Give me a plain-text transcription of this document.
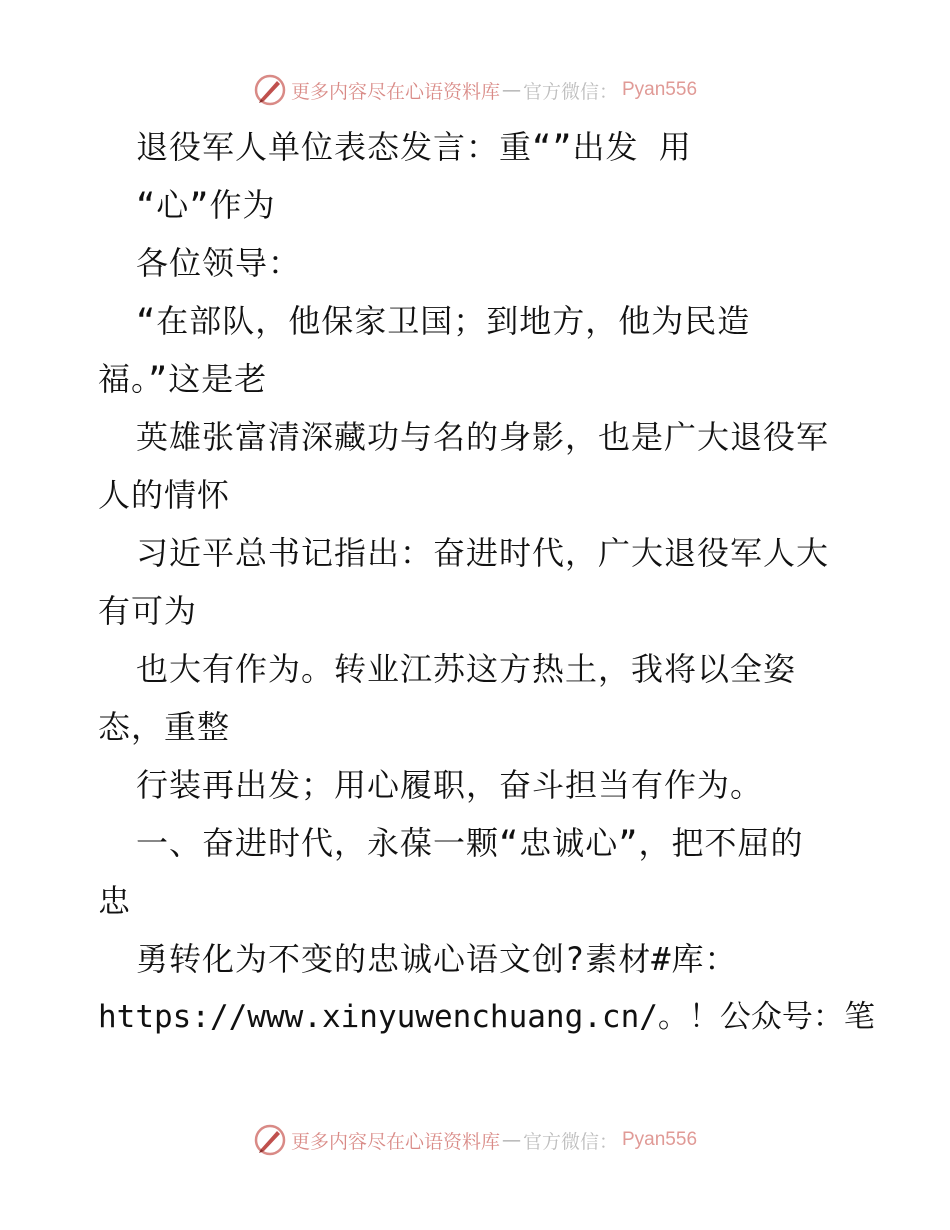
更多内容尽在心语资料库 — 官方微信： Pyan556
退役军人单位表态发言：重“”出发 用
“心”作为
各位领导：
“在部队，他保家卫国；到地方，他为民造
福。”这是老
英雄张富清深藏功与名的身影，也是广大退役军
人的情怀
习近平总书记指出：奋进时代，广大退役军人大
有可为
也大有作为。转业江苏这方热土，我将以全姿
态，重整
行装再出发；用心履职，奋斗担当有作为。
一、奋进时代，永葆一颗“忠诚心”，把不屈的
忠
勇转化为不变的忠诚心语文创?素材#库：
https://www.xinyuwenchuang.cn/。！公众号：笔
更多内容尽在心语资料库 — 官方微信： Pyan556
